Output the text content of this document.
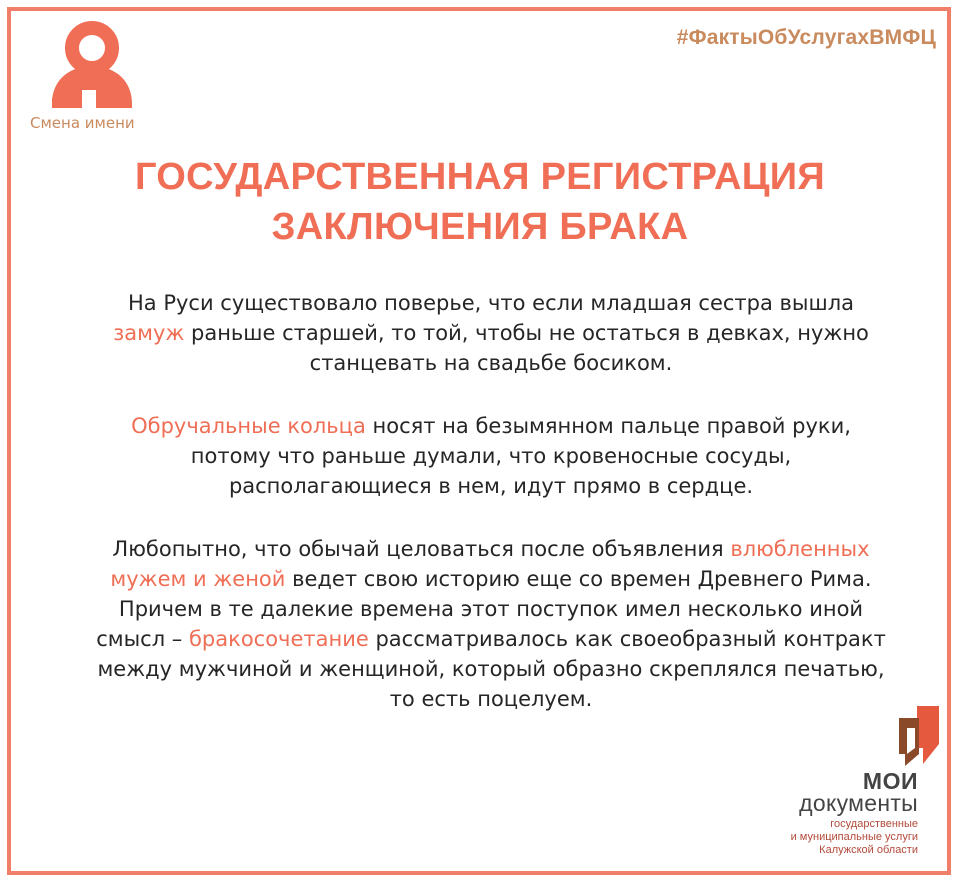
#ФактыОбУслугахВМФЦ
Смена имени
ГОСУДАРСТВЕННАЯ РЕГИСТРАЦИЯ
ЗАКЛЮЧЕНИЯ БРАКА
На Руси существовало поверье, что если младшая сестра вышла замуж раньше старшей, то той, чтобы не остаться в девках, нужно станцевать на свадьбе босиком.
Обручальные кольца носят на безымянном пальце правой руки, потому что раньше думали, что кровеносные сосуды, располагающиеся в нем, идут прямо в сердце.
Любопытно, что обычай целоваться после объявления влюбленных мужем и женой ведет свою историю еще со времен Древнего Рима. Причем в те далекие времена этот поступок имел несколько иной смысл – бракосочетание рассматривалось как своеобразный контракт между мужчиной и женщиной, который образно скреплялся печатью, то есть поцелуем.
МОИ
документы
государственные
и муниципальные услуги
Калужской области
